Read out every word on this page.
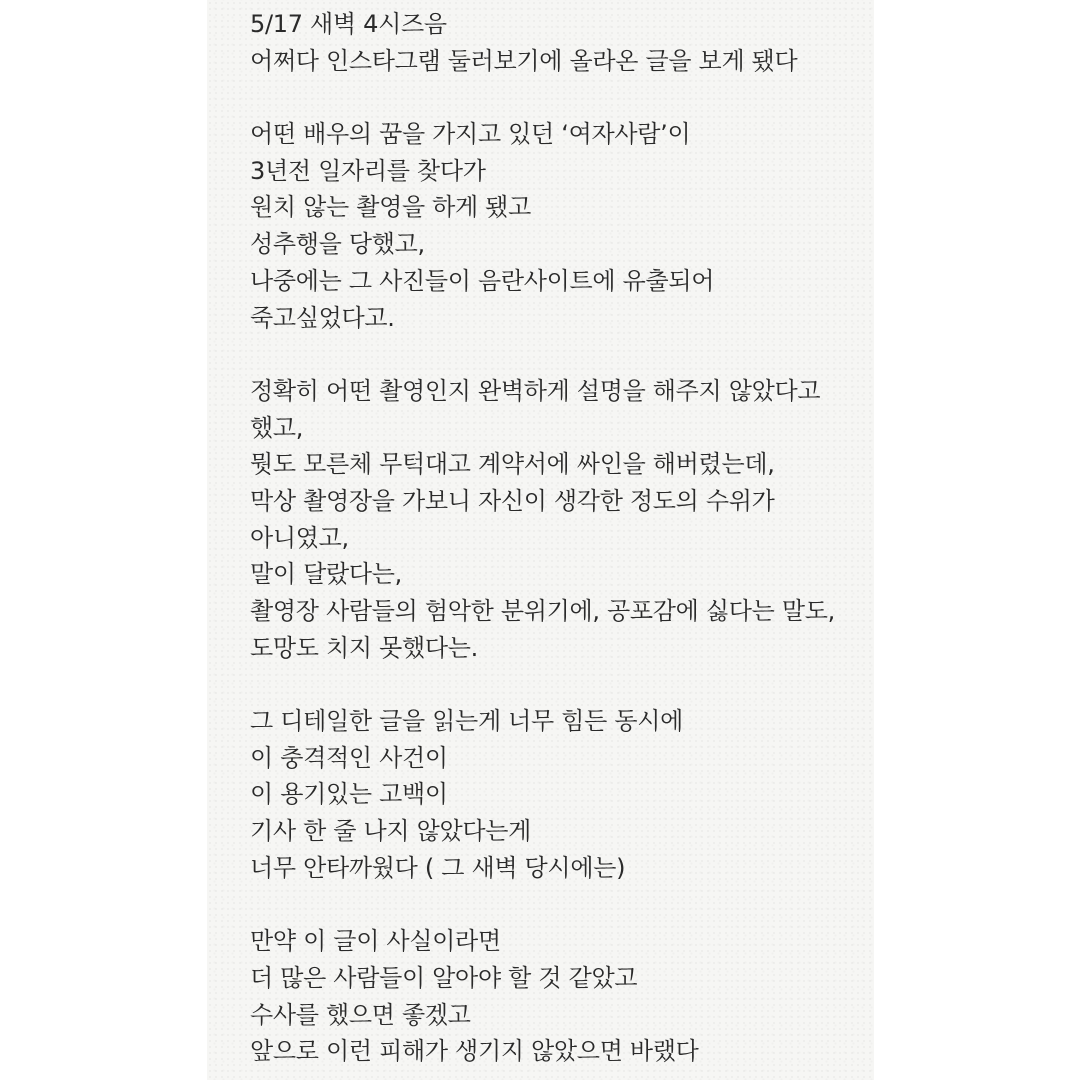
5/17 새벽 4시즈음
어쩌다 인스타그램 둘러보기에 올라온 글을 보게 됐다
어떤 배우의 꿈을 가지고 있던 ‘여자사람’이
3년전 일자리를 찾다가
원치 않는 촬영을 하게 됐고
성추행을 당했고,
나중에는 그 사진들이 음란사이트에 유출되어
죽고싶었다고.
정확히 어떤 촬영인지 완벽하게 설명을 해주지 않았다고
했고,
뭣도 모른체 무턱대고 계약서에 싸인을 해버렸는데,
막상 촬영장을 가보니 자신이 생각한 정도의 수위가
아니였고,
말이 달랐다는,
촬영장 사람들의 험악한 분위기에, 공포감에 싫다는 말도,
도망도 치지 못했다는.
그 디테일한 글을 읽는게 너무 힘든 동시에
이 충격적인 사건이
이 용기있는 고백이
기사 한 줄 나지 않았다는게
너무 안타까웠다 ( 그 새벽 당시에는)
만약 이 글이 사실이라면
더 많은 사람들이 알아야 할 것 같았고
수사를 했으면 좋겠고
앞으로 이런 피해가 생기지 않았으면 바랬다
